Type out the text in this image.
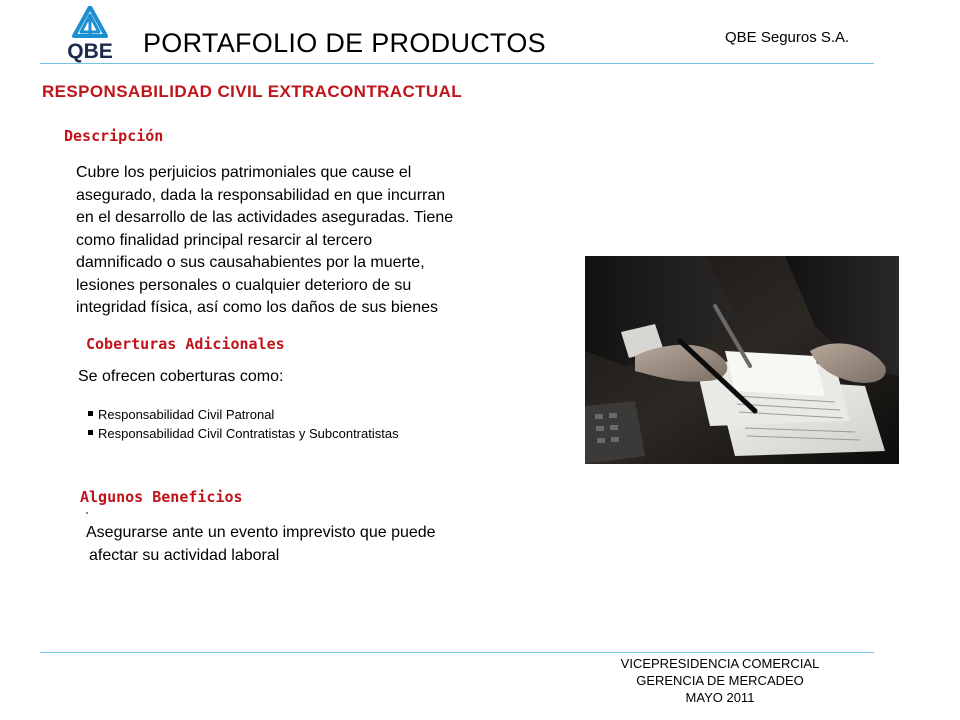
QBE PORTAFOLIO DE PRODUCTOS	QBE Seguros S.A.
RESPONSABILIDAD CIVIL EXTRACONTRACTUAL
Descripción
Cubre los perjuicios patrimoniales que cause el
asegurado, dada la responsabilidad en que incurran
en el desarrollo de las actividades aseguradas. Tiene
como finalidad principal resarcir al tercero
damnificado o sus causahabientes por la muerte,
lesiones personales o cualquier deterioro de su
integridad física, así como los daños de sus bienes
Coberturas Adicionales
Se ofrecen coberturas como:
Responsabilidad Civil Patronal
Responsabilidad Civil Contratistas y Subcontratistas
Algunos Beneficios
Asegurarse ante un evento imprevisto que puede
afectar su actividad laboral
VICEPRESIDENCIA COMERCIAL
GERENCIA DE MERCADEO
MAYO 2011
